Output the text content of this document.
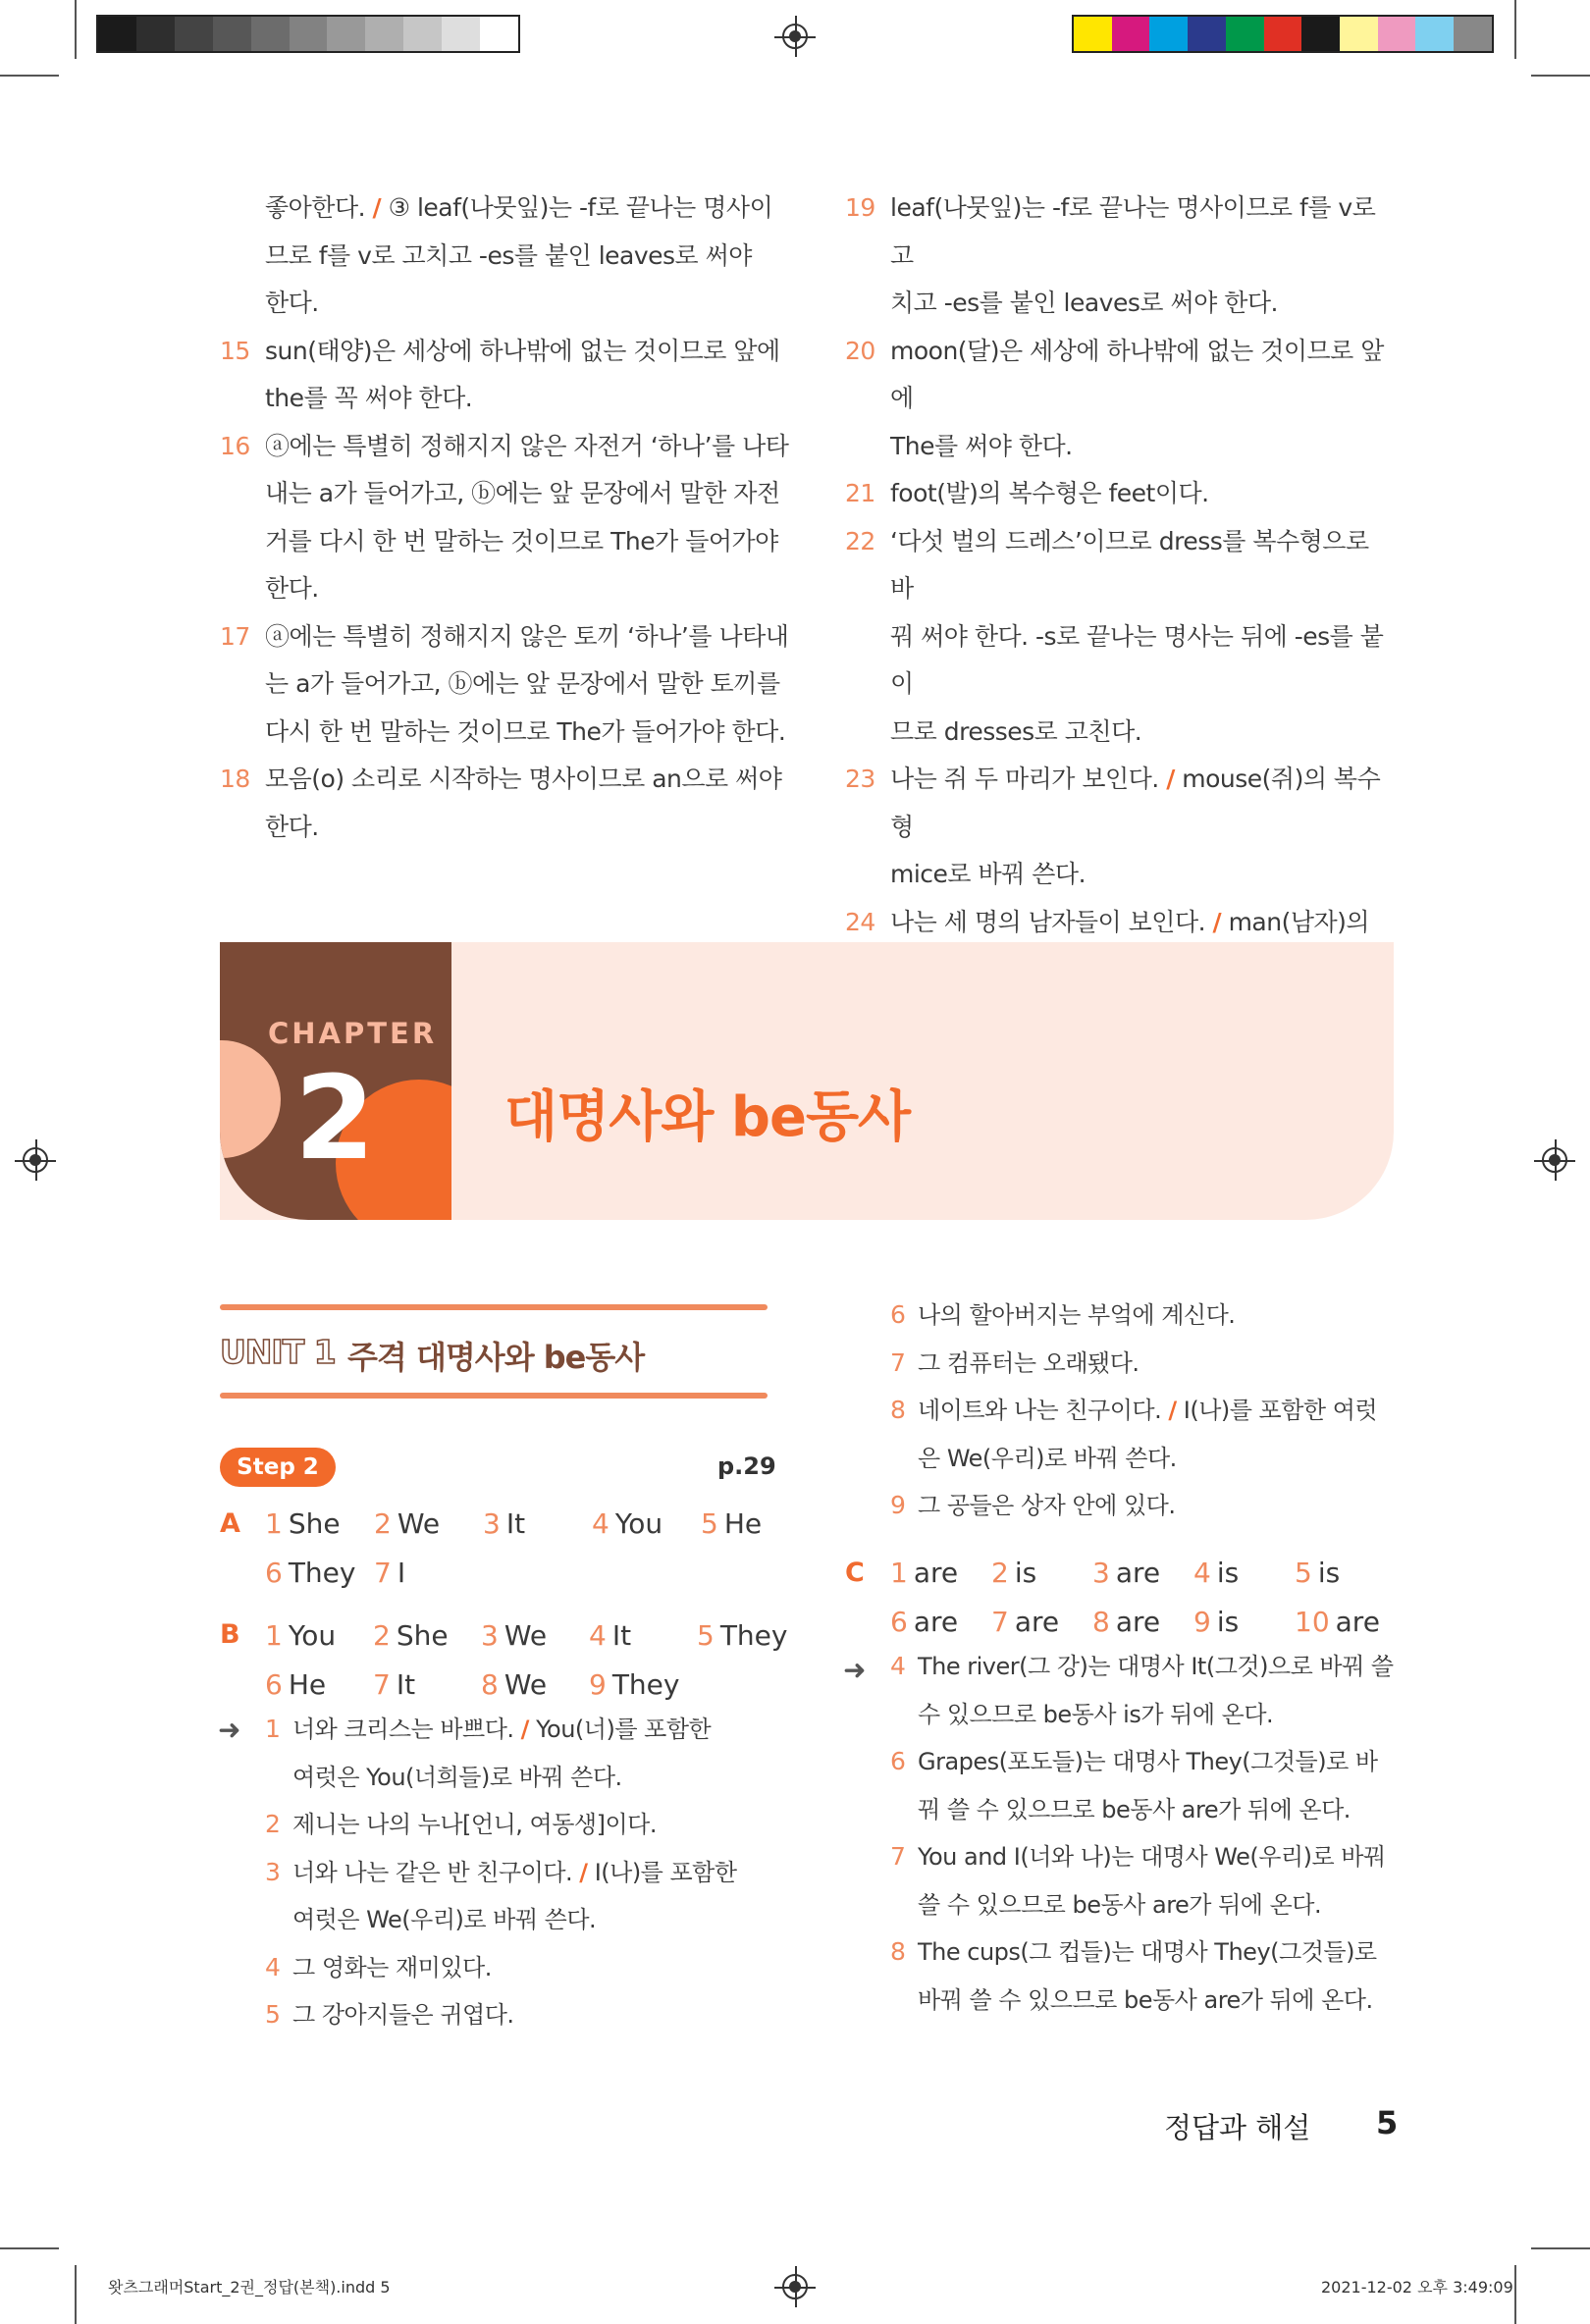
좋아한다. / ③ leaf(나뭇잎)는 -f로 끝나는 명사이
므로 f를 v로 고치고 -es를 붙인 leaves로 써야
한다.
15 sun(태양)은 세상에 하나밖에 없는 것이므로 앞에
the를 꼭 써야 한다.
16 ⓐ에는 특별히 정해지지 않은 자전거 ‘하나’를 나타
내는 a가 들어가고, ⓑ에는 앞 문장에서 말한 자전
거를 다시 한 번 말하는 것이므로 The가 들어가야
한다.
17 ⓐ에는 특별히 정해지지 않은 토끼 ‘하나’를 나타내
는 a가 들어가고, ⓑ에는 앞 문장에서 말한 토끼를
다시 한 번 말하는 것이므로 The가 들어가야 한다.
18 모음(o) 소리로 시작하는 명사이므로 an으로 써야
한다.
19 leaf(나뭇잎)는 -f로 끝나는 명사이므로 f를 v로 고
치고 -es를 붙인 leaves로 써야 한다.
20 moon(달)은 세상에 하나밖에 없는 것이므로 앞에
The를 써야 한다.
21 foot(발)의 복수형은 feet이다.
22 ‘다섯 벌의 드레스’이므로 dress를 복수형으로 바
꿔 써야 한다. -s로 끝나는 명사는 뒤에 -es를 붙이
므로 dresses로 고친다.
23 나는 쥐 두 마리가 보인다. / mouse(쥐)의 복수형
mice로 바꿔 쓴다.
24 나는 세 명의 남자들이 보인다. / man(남자)의
CHAPTER
2 대명사와 be동사
UNIT 1 주격 대명사와 be동사
Step 2	p.29
A 1 She 2 We 3 It 4 You 5 He
6 They 7 I
B 1 You 2 She 3 We 4 It 5 They
6 He 7 It 8 We 9 They
➜ 1 너와 크리스는 바쁘다. / You(너)를 포함한
여럿은 You(너희들)로 바꿔 쓴다.
2 제니는 나의 누나[언니, 여동생]이다.
3 너와 나는 같은 반 친구이다. / I(나)를 포함한
여럿은 We(우리)로 바꿔 쓴다.
4 그 영화는 재미있다.
5 그 강아지들은 귀엽다.
6 나의 할아버지는 부엌에 계신다.
7 그 컴퓨터는 오래됐다.
8 네이트와 나는 친구이다. / I(나)를 포함한 여럿
은 We(우리)로 바꿔 쓴다.
9 그 공들은 상자 안에 있다.
C 1 are 2 is 3 are 4 is 5 is
6 are 7 are 8 are 9 is 10 are
➜ 4 The river(그 강)는 대명사 It(그것)으로 바꿔 쓸
수 있으므로 be동사 is가 뒤에 온다.
6 Grapes(포도들)는 대명사 They(그것들)로 바
꿔 쓸 수 있으므로 be동사 are가 뒤에 온다.
7 You and I(너와 나)는 대명사 We(우리)로 바꿔
쓸 수 있으므로 be동사 are가 뒤에 온다.
8 The cups(그 컵들)는 대명사 They(그것들)로
바꿔 쓸 수 있으므로 be동사 are가 뒤에 온다.
정답과 해설 5
왓츠그래머Start_2권_정답(본책).indd 5	2021-12-02 오후 3:49:09
